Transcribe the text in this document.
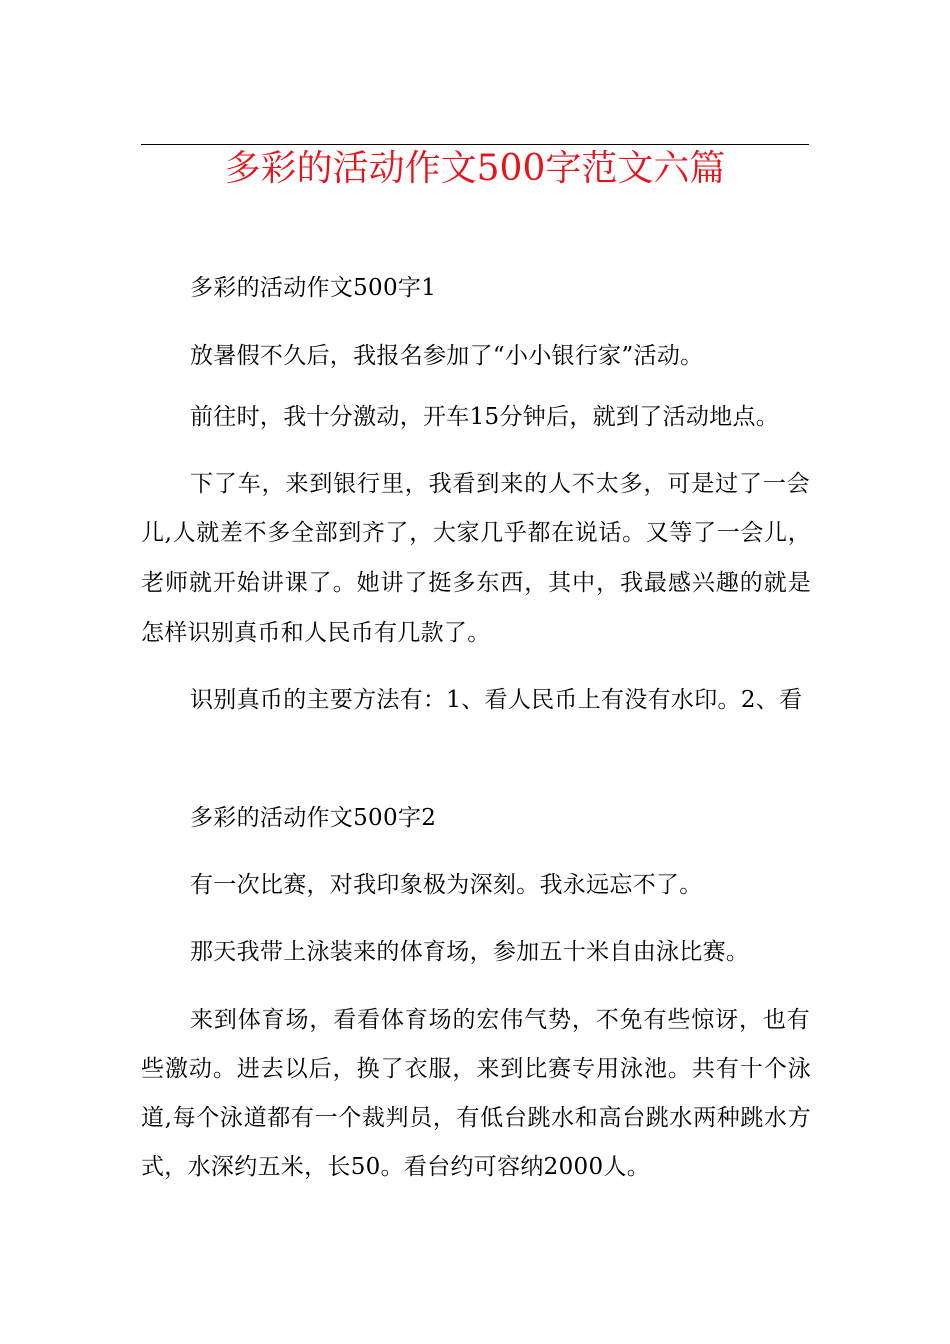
多彩的活动作文500字范文六篇
多彩的活动作文500字1
放暑假不久后，我报名参加了“小小银行家”活动。
前往时，我十分激动，开车15分钟后，就到了活动地点。
下了车，来到银行里，我看到来的人不太多，可是过了一会
儿,人就差不多全部到齐了，大家几乎都在说话。又等了一会儿，
老师就开始讲课了。她讲了挺多东西，其中，我最感兴趣的就是
怎样识别真币和人民币有几款了。
识别真币的主要方法有：1、看人民币上有没有水印。2、看
多彩的活动作文500字2
有一次比赛，对我印象极为深刻。我永远忘不了。
那天我带上泳装来的体育场，参加五十米自由泳比赛。
来到体育场，看看体育场的宏伟气势，不免有些惊讶，也有
些激动。进去以后，换了衣服，来到比赛专用泳池。共有十个泳
道,每个泳道都有一个裁判员，有低台跳水和高台跳水两种跳水方
式，水深约五米，长50。看台约可容纳2000人。
